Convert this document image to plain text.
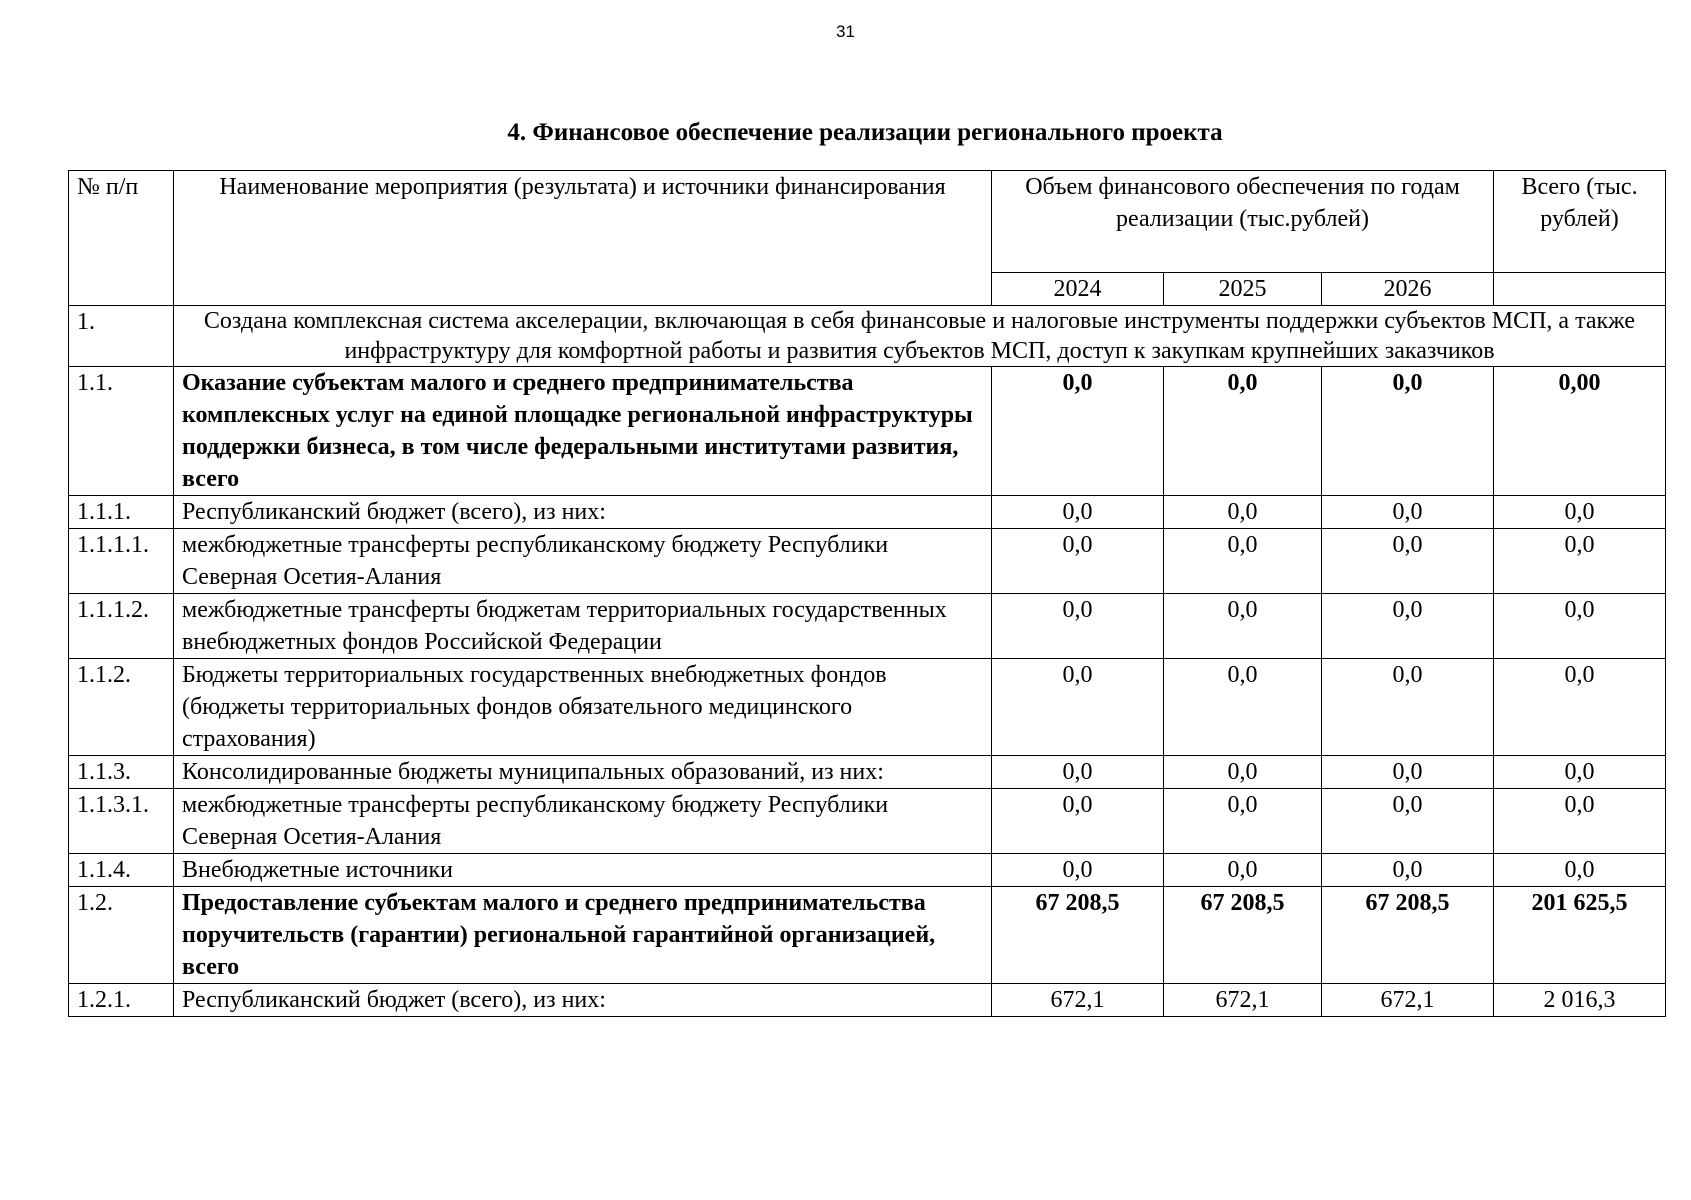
31
4. Финансовое обеспечение реализации регионального проекта
№ п/п	Наименование мероприятия (результата) и источники финансирования	Объем финансового обеспечения по годам реализации (тыс.рублей)			Всего (тыс. рублей)
		2024	2025	2026	
1.	Создана комплексная система акселерации, включающая в себя финансовые и налоговые инструменты поддержки субъектов МСП, а также инфраструктуру для комфортной работы и развития субъектов МСП, доступ к закупкам крупнейших заказчиков				
1.1.	Оказание субъектам малого и среднего предпринимательства комплексных услуг на единой площадке региональной инфраструктуры поддержки бизнеса, в том числе федеральными институтами развития, всего	0,0	0,0	0,0	0,00
1.1.1.	Республиканский бюджет (всего), из них:	0,0	0,0	0,0	0,0
1.1.1.1.	межбюджетные трансферты республиканскому бюджету Республики Северная Осетия-Алания	0,0	0,0	0,0	0,0
1.1.1.2.	межбюджетные трансферты бюджетам территориальных государственных внебюджетных фондов Российской Федерации	0,0	0,0	0,0	0,0
1.1.2.	Бюджеты территориальных государственных внебюджетных фондов (бюджеты территориальных фондов обязательного медицинского страхования)	0,0	0,0	0,0	0,0
1.1.3.	Консолидированные бюджеты муниципальных образований, из них:	0,0	0,0	0,0	0,0
1.1.3.1.	межбюджетные трансферты республиканскому бюджету Республики Северная Осетия-Алания	0,0	0,0	0,0	0,0
1.1.4.	Внебюджетные источники	0,0	0,0	0,0	0,0
1.2.	Предоставление субъектам малого и среднего предпринимательства поручительств (гарантии) региональной гарантийной организацией, всего	67 208,5	67 208,5	67 208,5	201 625,5
1.2.1.	Республиканский бюджет (всего), из них:	672,1	672,1	672,1	2 016,3
